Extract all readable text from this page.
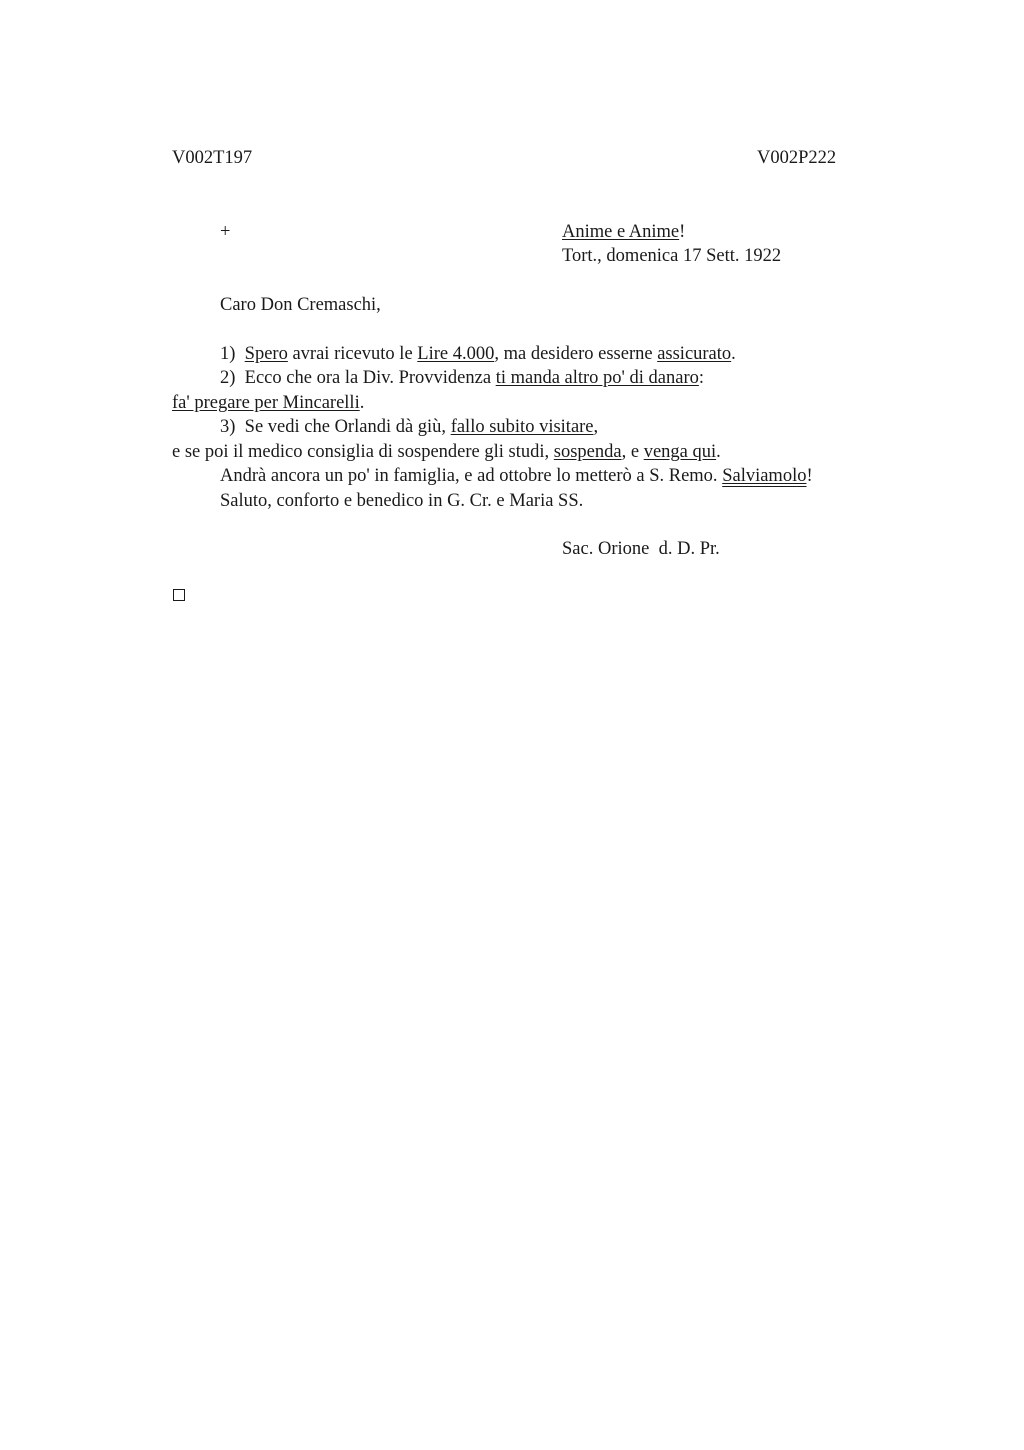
V002T197	V002P222
+	Anime e Anime!
Tort., domenica 17 Sett. 1922
Caro Don Cremaschi,
1)  Spero avrai ricevuto le Lire 4.000, ma desidero esserne assicurato.
2)  Ecco che ora la Div. Provvidenza ti manda altro po' di danaro:
fa' pregare per Mincarelli.
3)  Se vedi che Orlandi dà giù, fallo subito visitare,
e se poi il medico consiglia di sospendere gli studi, sospenda, e venga qui.
Andrà ancora un po' in famiglia, e ad ottobre lo metterò a S. Remo. Salviamolo!
Saluto, conforto e benedico in G. Cr. e Maria SS.
Sac. Orione  d. D. Pr.
